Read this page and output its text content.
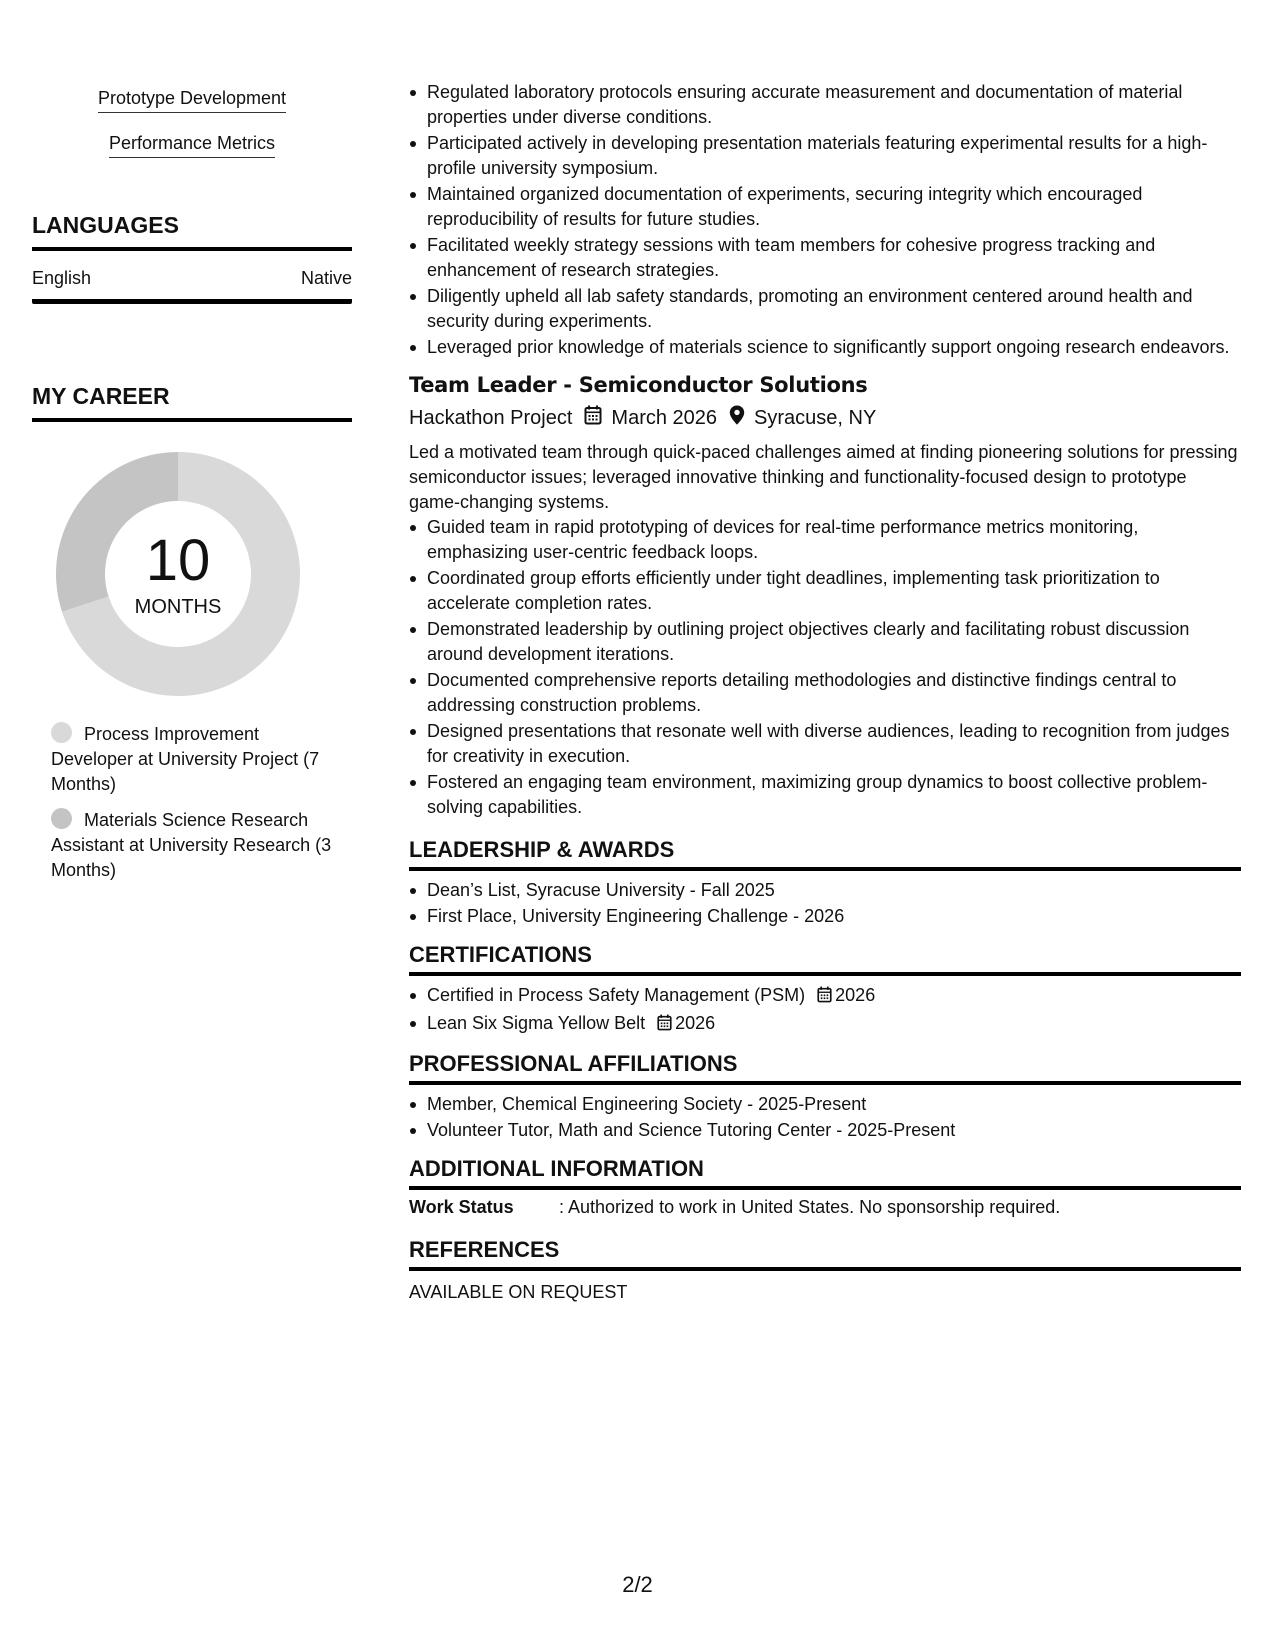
Prototype Development
Performance Metrics
LANGUAGES
English	Native
MY CAREER
10
MONTHS
Process Improvement Developer at University Project (7 Months)
Materials Science Research Assistant at University Research (3 Months)
Regulated laboratory protocols ensuring accurate measurement and documentation of material properties under diverse conditions.
Participated actively in developing presentation materials featuring experimental results for a high-profile university symposium.
Maintained organized documentation of experiments, securing integrity which encouraged reproducibility of results for future studies.
Facilitated weekly strategy sessions with team members for cohesive progress tracking and enhancement of research strategies.
Diligently upheld all lab safety standards, promoting an environment centered around health and security during experiments.
Leveraged prior knowledge of materials science to significantly support ongoing research endeavors.
Team Leader - Semiconductor Solutions
Hackathon Project March 2026 Syracuse, NY
Led a motivated team through quick-paced challenges aimed at finding pioneering solutions for pressing semiconductor issues; leveraged innovative thinking and functionality-focused design to prototype game-changing systems.
Guided team in rapid prototyping of devices for real-time performance metrics monitoring, emphasizing user-centric feedback loops.
Coordinated group efforts efficiently under tight deadlines, implementing task prioritization to accelerate completion rates.
Demonstrated leadership by outlining project objectives clearly and facilitating robust discussion around development iterations.
Documented comprehensive reports detailing methodologies and distinctive findings central to addressing construction problems.
Designed presentations that resonate well with diverse audiences, leading to recognition from judges for creativity in execution.
Fostered an engaging team environment, maximizing group dynamics to boost collective problem-solving capabilities.
LEADERSHIP & AWARDS
Dean’s List, Syracuse University - Fall 2025
First Place, University Engineering Challenge - 2026
CERTIFICATIONS
Certified in Process Safety Management (PSM) 2026
Lean Six Sigma Yellow Belt 2026
PROFESSIONAL AFFILIATIONS
Member, Chemical Engineering Society - 2025-Present
Volunteer Tutor, Math and Science Tutoring Center - 2025-Present
ADDITIONAL INFORMATION
Work Status	: Authorized to work in United States. No sponsorship required.
REFERENCES
AVAILABLE ON REQUEST
2/2
